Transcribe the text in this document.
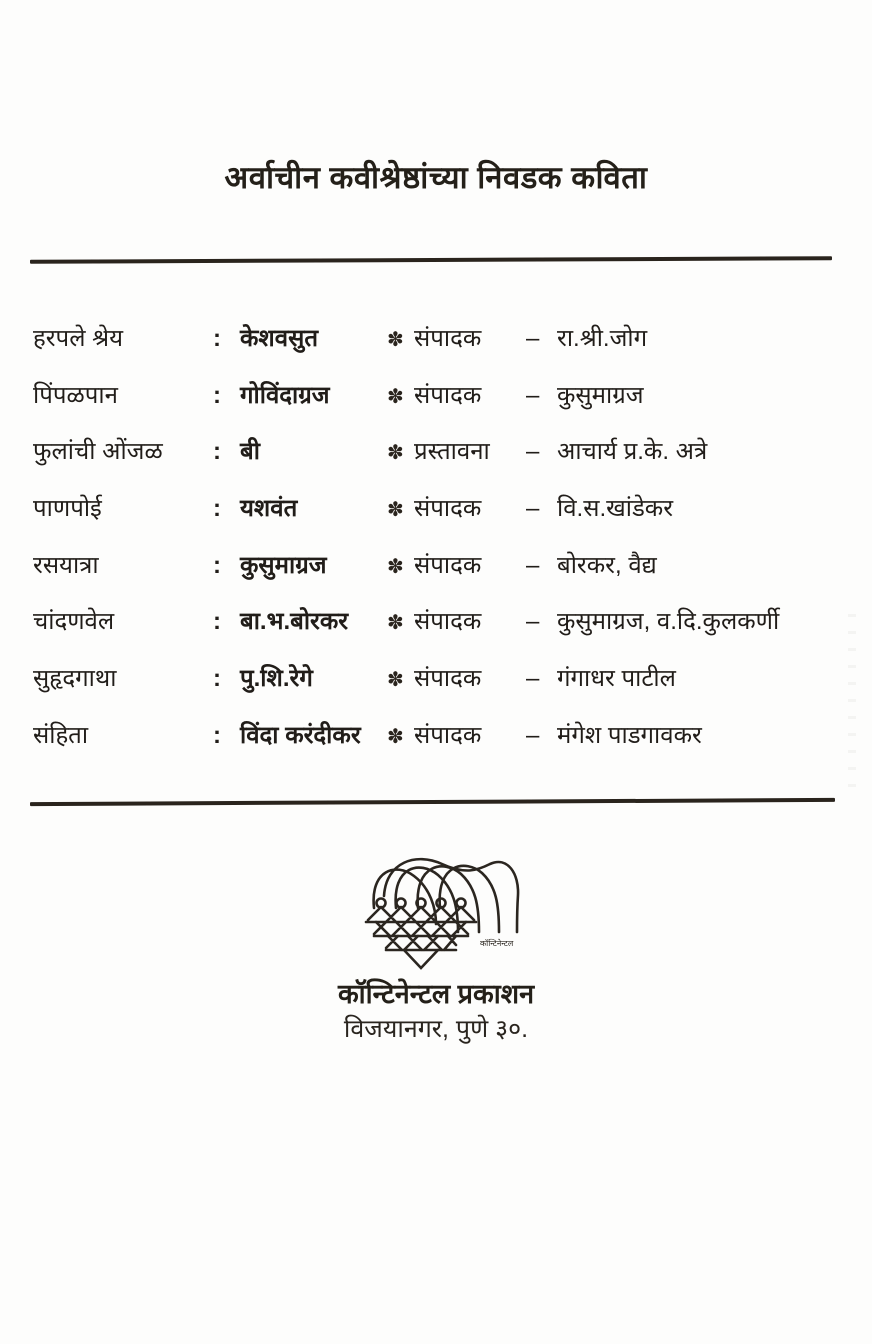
अर्वाचीन कवीश्रेष्ठांच्या निवडक कविता
हरपले श्रेय	: केशवसुत	✽ संपादक	– रा.श्री.जोग
पिंपळपान	: गोविंदाग्रज	✽ संपादक	– कुसुमाग्रज
फुलांची ओंजळ	: बी	✽ प्रस्तावना	– आचार्य प्र.के. अत्रे
पाणपोई	: यशवंत	✽ संपादक	– वि.स.खांडेकर
रसयात्रा	: कुसुमाग्रज	✽ संपादक	– बोरकर, वैद्य
चांदणवेल	: बा.भ.बोरकर	✽ संपादक	– कुसुमाग्रज, व.दि.कुलकर्णी
सुहृदगाथा	: पु.शि.रेगे	✽ संपादक	– गंगाधर पाटील
संहिता	: विंदा करंदीकर	✽ संपादक	– मंगेश पाडगावकर
कॉन्टिनेन्टल
कॉन्टिनेन्टल प्रकाशन
विजयानगर, पुणे ३०.
